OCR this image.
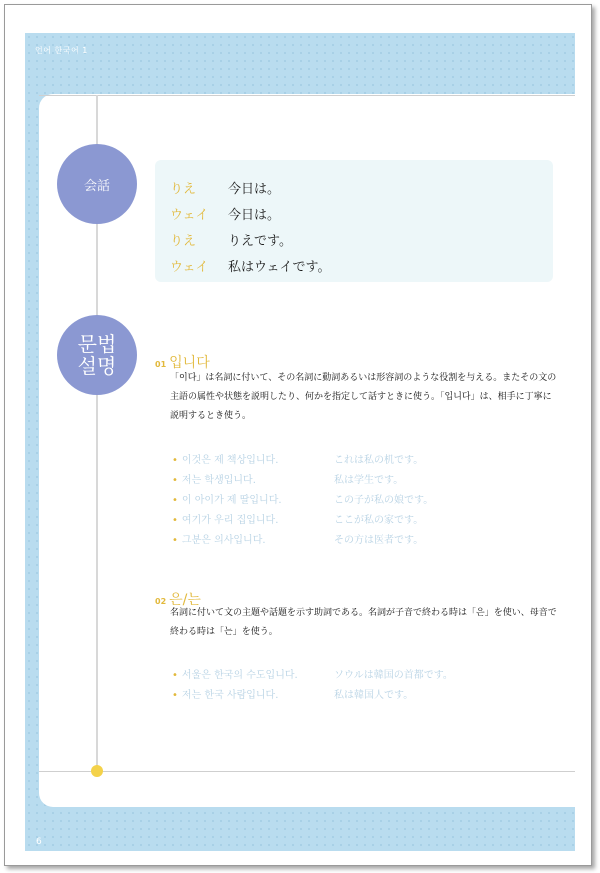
언어 한국어 1
6
会話	りえ	今日は。
ウェイ	今日は。
りえ	りえです。
ウェイ	私はウェイです。
문법
설명	01 입니다
「이다」は名詞に付いて、その名詞に動詞あるいは形容詞のような役割を与える。またその文の主語の属性や状態を説明したり、何かを指定して話すときに使う。「입니다」は、相手に丁寧に説明するとき使う。
• 이것은 제 책상입니다.	これは私の机です。
• 저는 학생입니다.	私は学生です。
• 이 아이가 제 딸입니다.	この子が私の娘です。
• 여기가 우리 집입니다.	ここが私の家です。
• 그분은 의사입니다.	その方は医者です。
02 은/는
名詞に付いて文の主題や話題を示す助詞である。名詞が子音で終わる時は「은」を使い、母音で終わる時は「는」を使う。
• 서울은 한국의 수도입니다.	ソウルは韓国の首都です。
• 저는 한국 사람입니다.	私は韓国人です。
